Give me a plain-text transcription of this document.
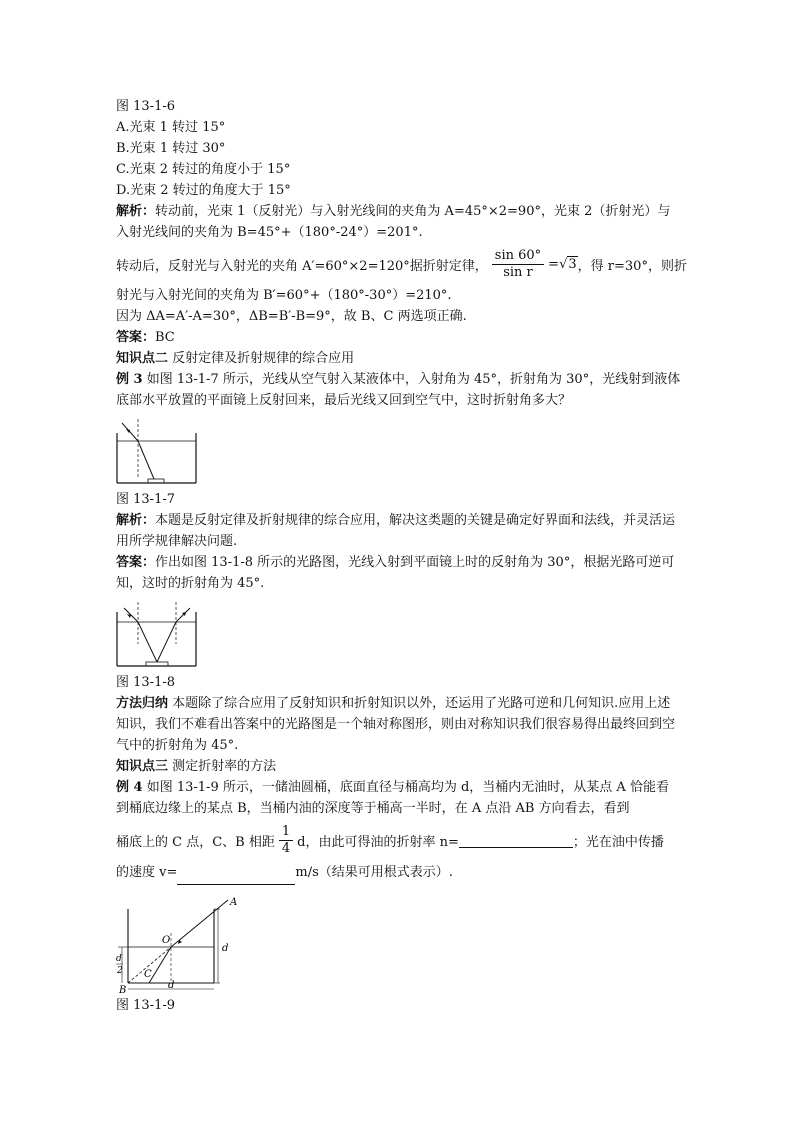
图 13-1-6
A.光束 1 转过 15°
B.光束 1 转过 30°
C.光束 2 转过的角度小于 15°
D.光束 2 转过的角度大于 15°
解析：转动前，光束 1（反射光）与入射光线间的夹角为 A=45°×2=90°，光束 2（折射光）与入射光线间的夹角为 B=45°+（180°-24°）=201°.
转动后，反射光与入射光的夹角 A′=60°×2=120°据折射定律， $\frac{\sin 60^\circ}{\text{sin r}} = √3$ ，得 r=30°，则折
射光与入射光间的夹角为 B′=60°+（180°-30°）=210°.
因为 ΔA=A′-A=30°，ΔB=B′-B=9°，故 B、C 两选项正确.
答案：BC
知识点二 反射定律及折射规律的综合应用
例 3 如图 13-1-7 所示，光线从空气射入某液体中，入射角为 45°，折射角为 30°，光线射到液体底部水平放置的平面镜上反射回来，最后光线又回到空气中，这时折射角多大？
图 13-1-7
解析：本题是反射定律及折射规律的综合应用，解决这类题的关键是确定好界面和法线，并灵活运用所学规律解决问题.
答案：作出如图 13-1-8 所示的光路图，光线入射到平面镜上时的反射角为 30°，根据光路可逆可知，这时的折射角为 45°.
图 13-1-8
方法归纳 本题除了综合应用了反射知识和折射知识以外，还运用了光路可逆和几何知识.应用上述知识，我们不难看出答案中的光路图是一个轴对称图形，则由对称知识我们很容易得出最终回到空气中的折射角为 45°.
知识点三 测定折射率的方法
例 4 如图 13-1-9 所示，一储油圆桶，底面直径与桶高均为 d，当桶内无油时，从某点 A 恰能看到桶底边缘上的某点 B，当桶内油的深度等于桶高一半时，在 A 点沿 AB 方向看去，看到
桶底上的 C 点，C、B 相距 $\frac{1}{4}$ d，由此可得油的折射率 n=	；光在油中传播
的速度 v=	m/s（结果可用根式表示）.
A
O
B
C
d
d
d
2
图 13-1-9
